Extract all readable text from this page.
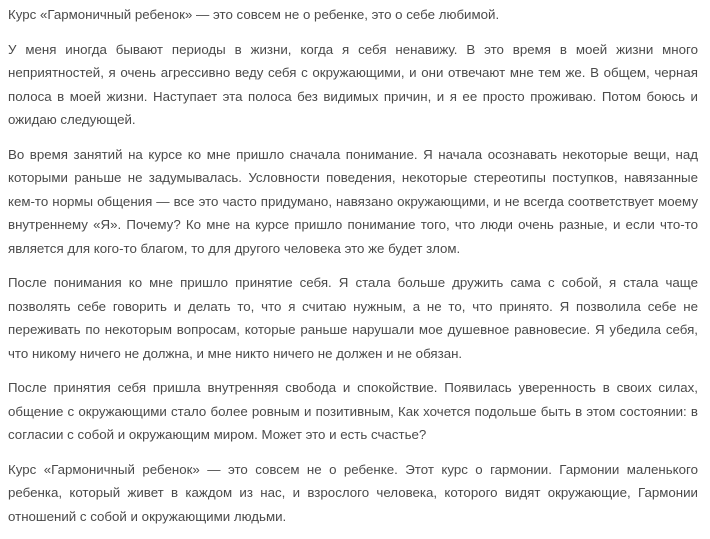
Курс «Гармоничный ребенок» — это совсем не о ребенке, это о себе любимой.

У меня иногда бывают периоды в жизни, когда я себя ненавижу. В это время в моей жизни много неприятностей, я очень агрессивно веду себя с окружающими, и они отвечают мне тем же. В общем, черная полоса в моей жизни. Наступает эта полоса без видимых причин, и я ее просто проживаю. Потом боюсь и ожидаю следующей.

Во время занятий на курсе ко мне пришло сначала понимание. Я начала осознавать некоторые вещи, над которыми раньше не задумывалась. Условности поведения, некоторые стереотипы поступков, навязанные кем-то нормы общения — все это часто придумано, навязано окружающими, и не всегда соответствует моему внутреннему «Я». Почему? Ко мне на курсе пришло понимание того, что люди очень разные, и если что-то является для кого-то благом, то для другого человека это же будет злом.

После понимания ко мне пришло принятие себя. Я стала больше дружить сама с собой, я стала чаще позволять себе говорить и делать то, что я считаю нужным, а не то, что принято. Я позволила себе не переживать по некоторым вопросам, которые раньше нарушали мое душевное равновесие. Я убедила себя, что никому ничего не должна, и мне никто ничего не должен и не обязан.

После принятия себя пришла внутренняя свобода и спокойствие. Появилась уверенность в своих силах, общение с окружающими стало более ровным и позитивным, Как хочется подольше быть в этом состоянии: в согласии с собой и окружающим миром. Может это и есть счастье?

Курс «Гармоничный ребенок» — это совсем не о ребенке. Этот курс о гармонии. Гармонии маленького ребенка, который живет в каждом из нас, и взрослого человека, которого видят окружающие, Гармонии отношений с собой и окружающими людьми.
